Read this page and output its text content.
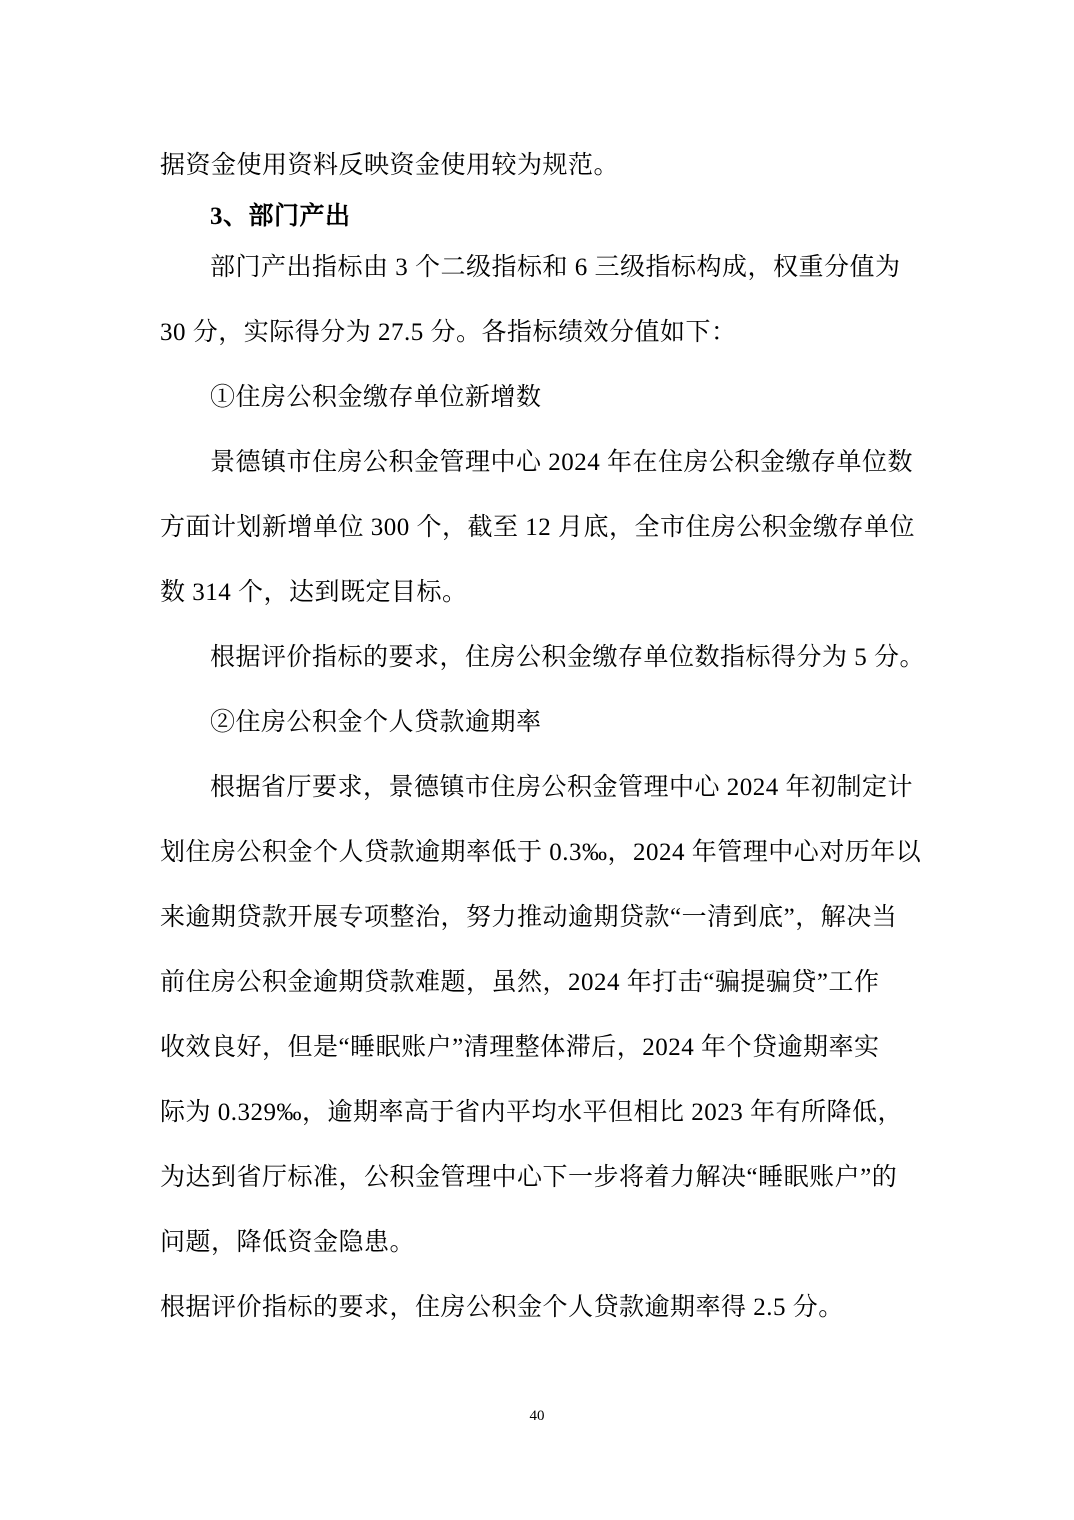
据资金使用资料反映资金使用较为规范。
3、部门产出
部门产出指标由 3 个二级指标和 6 三级指标构成，权重分值为
30 分，实际得分为 27.5 分。各指标绩效分值如下：
①住房公积金缴存单位新增数
景德镇市住房公积金管理中心 2024 年在住房公积金缴存单位数
方面计划新增单位 300 个，截至 12 月底，全市住房公积金缴存单位
数 314 个，达到既定目标。
根据评价指标的要求，住房公积金缴存单位数指标得分为 5 分。
②住房公积金个人贷款逾期率
根据省厅要求，景德镇市住房公积金管理中心 2024 年初制定计
划住房公积金个人贷款逾期率低于 0.3‰，2024 年管理中心对历年以
来逾期贷款开展专项整治，努力推动逾期贷款“一清到底”，解决当
前住房公积金逾期贷款难题，虽然，2024 年打击“骗提骗贷”工作
收效良好，但是“睡眠账户”清理整体滞后，2024 年个贷逾期率实
际为 0.329‰，逾期率高于省内平均水平但相比 2023 年有所降低，
为达到省厅标准，公积金管理中心下一步将着力解决“睡眠账户”的
问题，降低资金隐患。
根据评价指标的要求，住房公积金个人贷款逾期率得 2.5 分。
40
